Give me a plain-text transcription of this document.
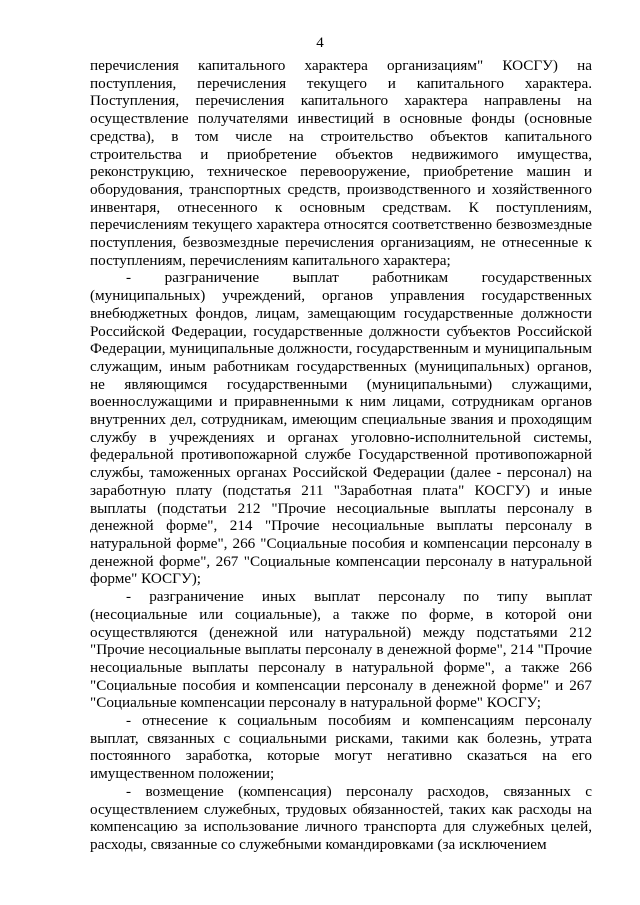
4

перечисления капитального характера организациям" КОСГУ) на поступления, перечисления текущего и капитального характера. Поступления, перечисления капитального характера направлены на осуществление получателями инвестиций в основные фонды (основные средства), в том числе на строительство объектов капитального строительства и приобретение объектов недвижимого имущества, реконструкцию, техническое перевооружение, приобретение машин и оборудования, транспортных средств, производственного и хозяйственного инвентаря, отнесенного к основным средствам. К поступлениям, перечислениям текущего характера относятся соответственно безвозмездные поступления, безвозмездные перечисления организациям, не отнесенные к поступлениям, перечислениям капитального характера;

- разграничение выплат работникам государственных (муниципальных) учреждений, органов управления государственных внебюджетных фондов, лицам, замещающим государственные должности Российской Федерации, государственные должности субъектов Российской Федерации, муниципальные должности, государственным и муниципальным служащим, иным работникам государственных (муниципальных) органов, не являющимся государственными (муниципальными) служащими, военнослужащими и приравненными к ним лицами, сотрудникам органов внутренних дел, сотрудникам, имеющим специальные звания и проходящим службу в учреждениях и органах уголовно-исполнительной системы, федеральной противопожарной службе Государственной противопожарной службы, таможенных органах Российской Федерации (далее - персонал) на заработную плату (подстатья 211 "Заработная плата" КОСГУ) и иные выплаты (подстатьи 212 "Прочие несоциальные выплаты персоналу в денежной форме", 214 "Прочие несоциальные выплаты персоналу в натуральной форме", 266 "Социальные пособия и компенсации персоналу в денежной форме", 267 "Социальные компенсации персоналу в натуральной форме" КОСГУ);

- разграничение иных выплат персоналу по типу выплат (несоциальные или социальные), а также по форме, в которой они осуществляются (денежной или натуральной) между подстатьями 212 "Прочие несоциальные выплаты персоналу в денежной форме", 214 "Прочие несоциальные выплаты персоналу в натуральной форме", а также 266 "Социальные пособия и компенсации персоналу в денежной форме" и 267 "Социальные компенсации персоналу в натуральной форме" КОСГУ;

- отнесение к социальным пособиям и компенсациям персоналу выплат, связанных с социальными рисками, такими как болезнь, утрата постоянного заработка, которые могут негативно сказаться на его имущественном положении;

- возмещение (компенсация) персоналу расходов, связанных с осуществлением служебных, трудовых обязанностей, таких как расходы на компенсацию за использование личного транспорта для служебных целей, расходы, связанные со служебными командировками (за исключением
